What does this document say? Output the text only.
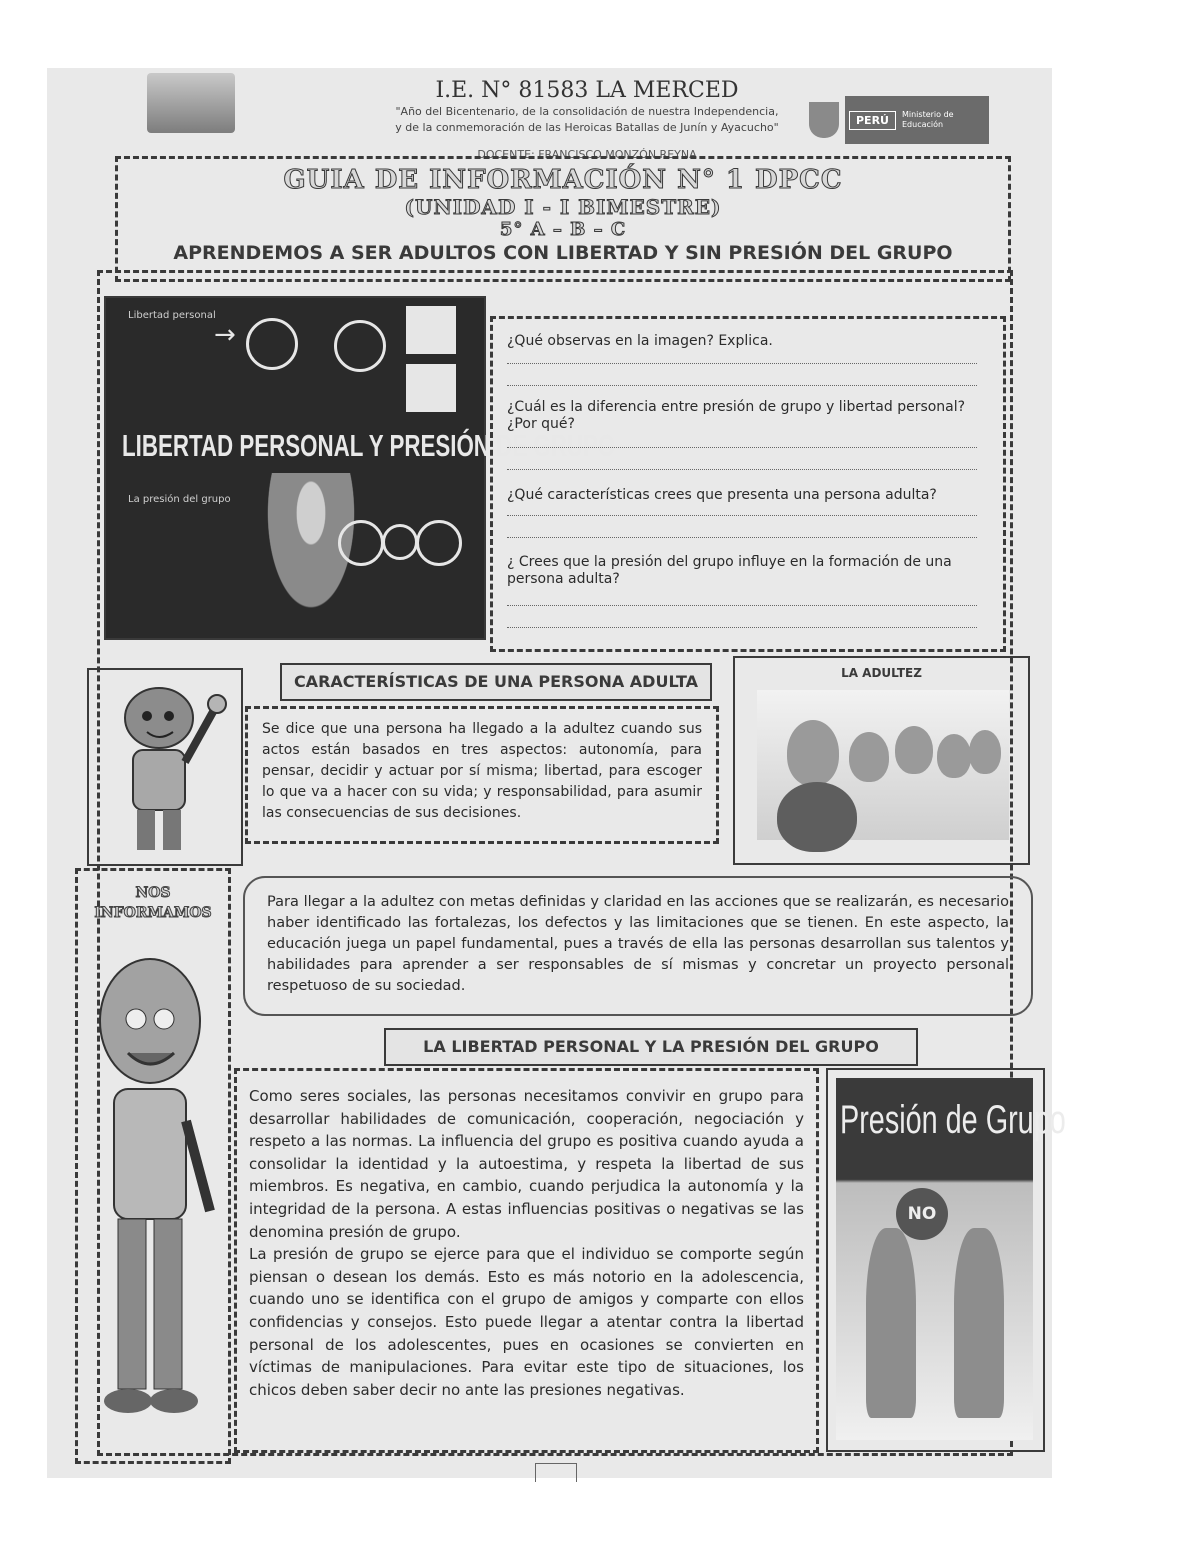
I.E. N° 81583 LA MERCED
"Año del Bicentenario, de la consolidación de nuestra Independencia,
y de la conmemoración de las Heroicas Batallas de Junín y Ayacucho"
DOCENTE: FRANCISCO MONZÓN REYNA
PERÚ	Ministerio de Educación
GUIA DE INFORMACIÓN N° 1 DPCC
(UNIDAD I - I BIMESTRE)
5° A – B – C
APRENDEMOS A SER ADULTOS CON LIBERTAD Y SIN PRESIÓN DEL GRUPO
Libertad personal
→
LIBERTAD PERSONAL Y PRESIÓN DE GRUPO
La presión del grupo
¿Qué observas en la imagen? Explica.
¿Cuál es la diferencia entre presión de grupo y libertad personal? ¿Por qué?
¿Qué características crees que presenta una persona adulta?
¿ Crees que la presión del grupo influye en la formación de una persona adulta?
CARACTERÍSTICAS DE UNA PERSONA ADULTA
Se dice que una persona ha llegado a la adultez cuando sus actos están basados en tres aspectos: autonomía, para pensar, decidir y actuar por sí misma; libertad, para escoger lo que va a hacer con su vida; y responsabilidad, para asumir las consecuencias de sus decisiones.
LA ADULTEZ
NOS
INFORMAMOS
Para llegar a la adultez con metas definidas y claridad en las acciones que se realizarán, es necesario haber identificado las fortalezas, los defectos y las limitaciones que se tienen. En este aspecto, la educación juega un papel fundamental, pues a través de ella las personas desarrollan sus talentos y habilidades para aprender a ser responsables de sí mismas y concretar un proyecto personal respetuoso de su sociedad.
LA LIBERTAD PERSONAL Y LA PRESIÓN DEL GRUPO

Como seres sociales, las personas necesitamos convivir en grupo para desarrollar habilidades de comunicación, cooperación, negociación y respeto a las normas. La influencia del grupo es positiva cuando ayuda a consolidar la identidad y la autoestima, y respeta la libertad de sus miembros. Es negativa, en cambio, cuando perjudica la autonomía y la integridad de la persona. A estas influencias positivas o negativas se las denomina presión de grupo.

La presión de grupo se ejerce para que el individuo se comporte según piensan o desean los demás. Esto es más notorio en la adolescencia, cuando uno se identifica con el grupo de amigos y comparte con ellos confidencias y consejos. Esto puede llegar a atentar contra la libertad personal de los adolescentes, pues en ocasiones se convierten en víctimas de manipulaciones. Para evitar este tipo de situaciones, los chicos deben saber decir no ante las presiones negativas.

Presión de Grupo
NO
